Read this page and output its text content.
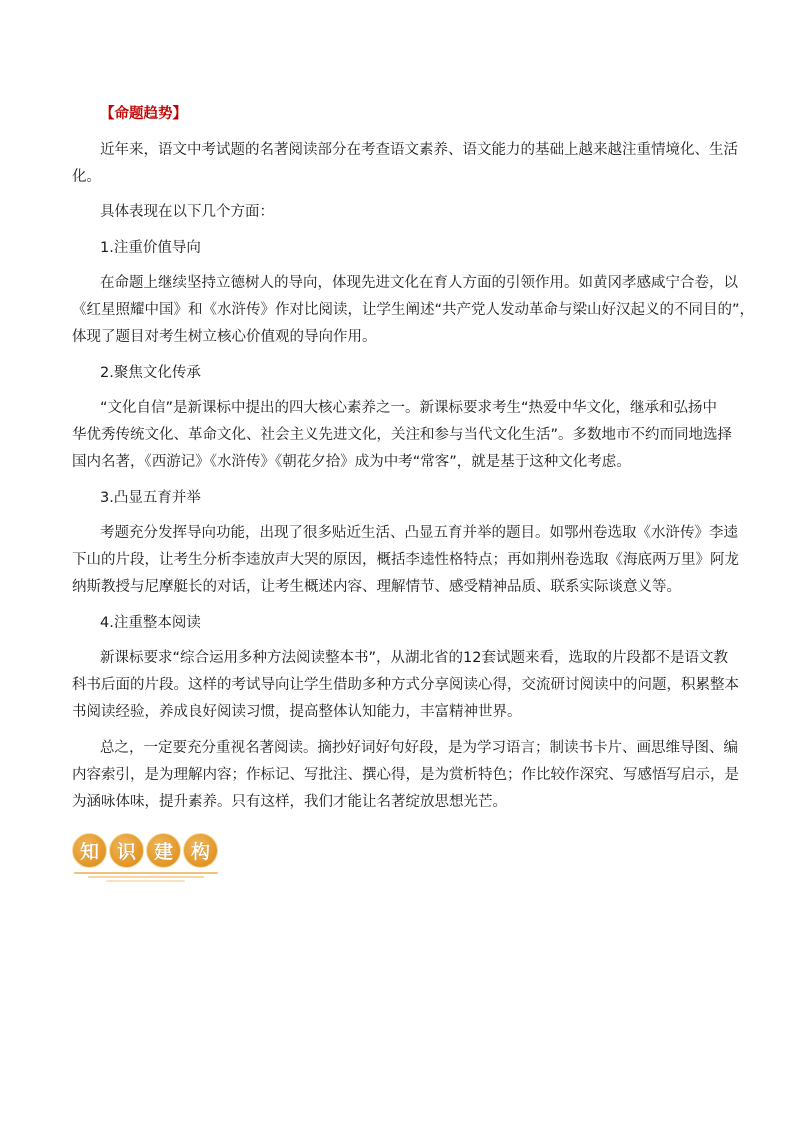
【命题趋势】
近年来，语文中考试题的名著阅读部分在考查语文素养、语文能力的基础上越来越注重情境化、生活
化。
具体表现在以下几个方面：
1.注重价值导向
在命题上继续坚持立德树人的导向，体现先进文化在育人方面的引领作用。如黄冈孝感咸宁合卷，以
《红星照耀中国》和《水浒传》作对比阅读，让学生阐述“共产党人发动革命与梁山好汉起义的不同目的”，
体现了题目对考生树立核心价值观的导向作用。
2.聚焦文化传承
“文化自信”是新课标中提出的四大核心素养之一。新课标要求考生“热爱中华文化，继承和弘扬中
华优秀传统文化、革命文化、社会主义先进文化，关注和参与当代文化生活”。多数地市不约而同地选择
国内名著，《西游记》《水浒传》《朝花夕拾》成为中考“常客”，就是基于这种文化考虑。
3.凸显五育并举
考题充分发挥导向功能，出现了很多贴近生活、凸显五育并举的题目。如鄂州卷选取《水浒传》李逵
下山的片段，让考生分析李逵放声大哭的原因，概括李逵性格特点；再如荆州卷选取《海底两万里》阿龙
纳斯教授与尼摩艇长的对话，让考生概述内容、理解情节、感受精神品质、联系实际谈意义等。
4.注重整本阅读
新课标要求“综合运用多种方法阅读整本书”，从湖北省的12套试题来看，选取的片段都不是语文教
科书后面的片段。这样的考试导向让学生借助多种方式分享阅读心得，交流研讨阅读中的问题，积累整本
书阅读经验，养成良好阅读习惯，提高整体认知能力，丰富精神世界。
总之，一定要充分重视名著阅读。摘抄好词好句好段，是为学习语言；制读书卡片、画思维导图、编
内容索引，是为理解内容；作标记、写批注、撰心得，是为赏析特色；作比较作深究、写感悟写启示，是
为涵咏体味，提升素养。只有这样，我们才能让名著绽放思想光芒。
知 识 建 构
